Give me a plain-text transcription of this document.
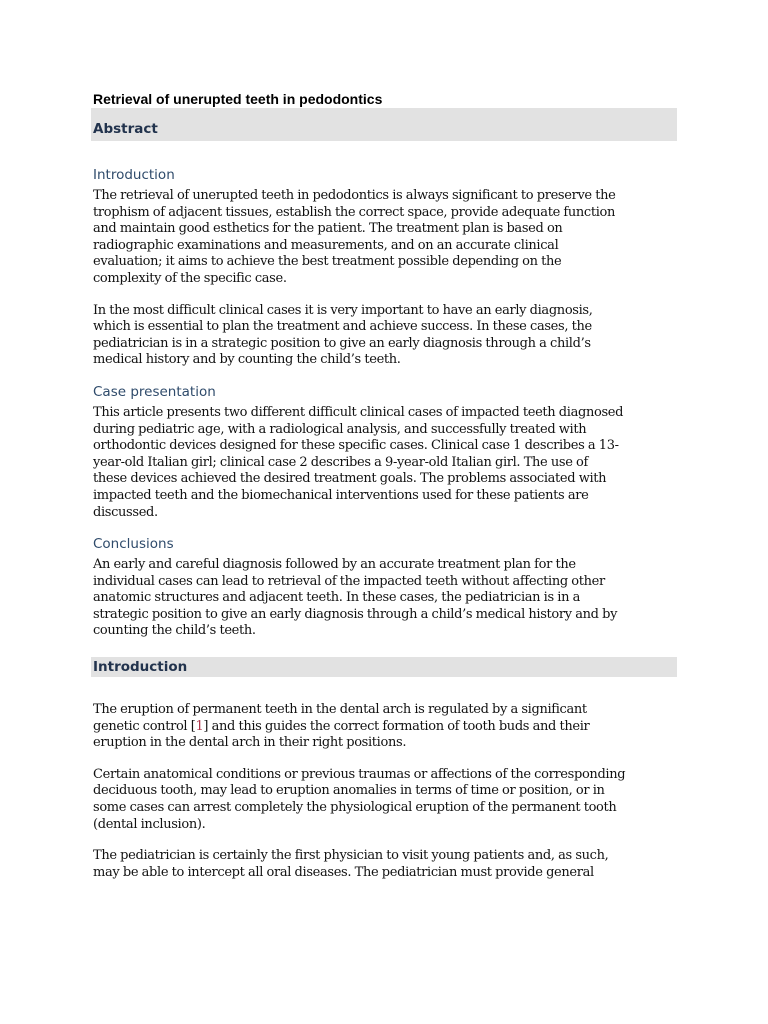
Retrieval of unerupted teeth in pedodontics
Abstract
Introduction
The retrieval of unerupted teeth in pedodontics is always significant to preserve the
trophism of adjacent tissues, establish the correct space, provide adequate function
and maintain good esthetics for the patient. The treatment plan is based on
radiographic examinations and measurements, and on an accurate clinical
evaluation; it aims to achieve the best treatment possible depending on the
complexity of the specific case.
In the most difficult clinical cases it is very important to have an early diagnosis,
which is essential to plan the treatment and achieve success. In these cases, the
pediatrician is in a strategic position to give an early diagnosis through a child’s
medical history and by counting the child’s teeth.
Case presentation
This article presents two different difficult clinical cases of impacted teeth diagnosed
during pediatric age, with a radiological analysis, and successfully treated with
orthodontic devices designed for these specific cases. Clinical case 1 describes a 13-
year-old Italian girl; clinical case 2 describes a 9-year-old Italian girl. The use of
these devices achieved the desired treatment goals. The problems associated with
impacted teeth and the biomechanical interventions used for these patients are
discussed.
Conclusions
An early and careful diagnosis followed by an accurate treatment plan for the
individual cases can lead to retrieval of the impacted teeth without affecting other
anatomic structures and adjacent teeth. In these cases, the pediatrician is in a
strategic position to give an early diagnosis through a child’s medical history and by
counting the child’s teeth.
Introduction
The eruption of permanent teeth in the dental arch is regulated by a significant
genetic control [1] and this guides the correct formation of tooth buds and their
eruption in the dental arch in their right positions.
Certain anatomical conditions or previous traumas or affections of the corresponding
deciduous tooth, may lead to eruption anomalies in terms of time or position, or in
some cases can arrest completely the physiological eruption of the permanent tooth
(dental inclusion).
The pediatrician is certainly the first physician to visit young patients and, as such,
may be able to intercept all oral diseases. The pediatrician must provide general
